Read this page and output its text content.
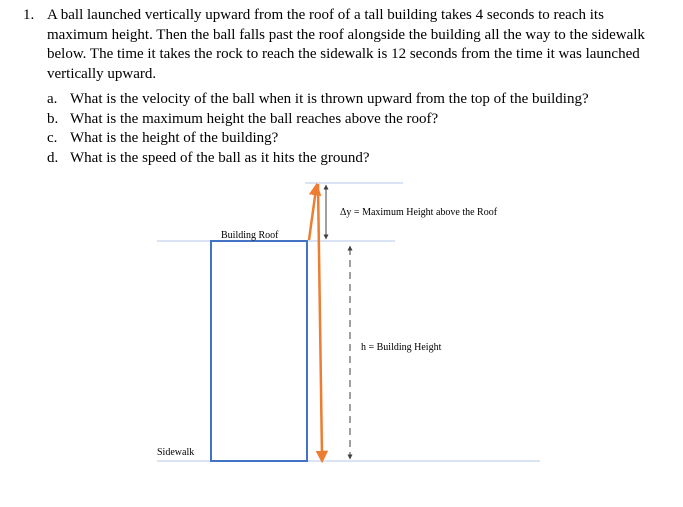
1. A ball launched vertically upward from the roof of a tall building takes 4 seconds to reach its maximum height. Then the ball falls past the roof alongside the building all the way to the sidewalk below. The time it takes the rock to reach the sidewalk is 12 seconds from the time it was launched vertically upward.
a. What is the velocity of the ball when it is thrown upward from the top of the building?
b. What is the maximum height the ball reaches above the roof?
c. What is the height of the building?
d. What is the speed of the ball as it hits the ground?
Building Roof
Δy = Maximum Height above the Roof
h = Building Height
Sidewalk
